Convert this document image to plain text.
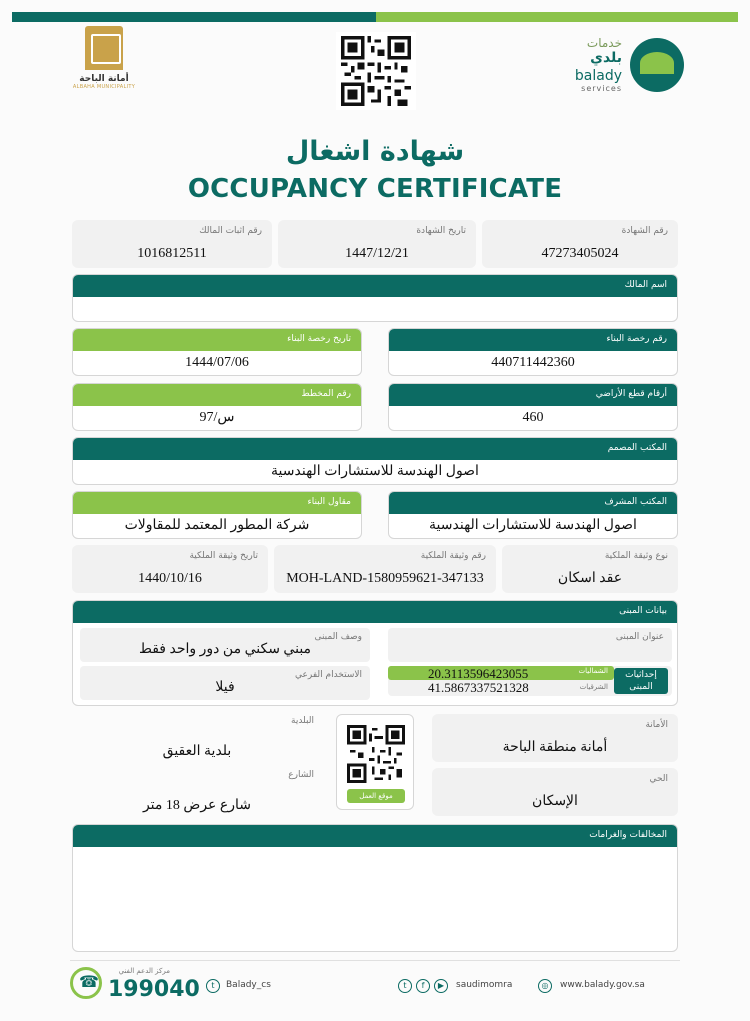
أمانة الباحة
ALBAHA MUNICIPALITY
خدمات
بلدي
balady
services
شهادة اشغال
OCCUPANCY CERTIFICATE
رقم الشهادة
47273405024
تاريخ الشهادة
1447/12/21
رقم اثبات المالك
1016812511
اسم المالك
رقم رخصة البناء
440711442360
تاريخ رخصة البناء
1444/07/06
أرقام قطع الأراضي
460
رقم المخطط
97/س
المكتب المصمم
اصول الهندسة للاستشارات الهندسية
المكتب المشرف
اصول الهندسة للاستشارات الهندسية
مقاول البناء
شركة المطور المعتمد للمقاولات
نوع وثيقة الملكية
عقد اسكان
رقم وثيقة الملكية
MOH-LAND-1580959621-347133
تاريخ وثيقة الملكية
1440/10/16
بيانات المبنى
عنوان المبنى
وصف المبنى
مبني سكني من دور واحد فقط
الاستخدام الفرعي
فيلا
20.3113596423055
41.5867337521328
الشماليات
الشرقيات
إحداثيات المبنى
الأمانة
أمانة منطقة الباحة
الحي
الإسكان
البلدية
بلدية العقيق
الشارع
شارع عرض 18 متر
موقع العمل
المخالفات والغرامات
☎
مركز الدعم الفني
199040	t	Balady_cs	t	f	▶	saudimomra	◎	www.balady.gov.sa
